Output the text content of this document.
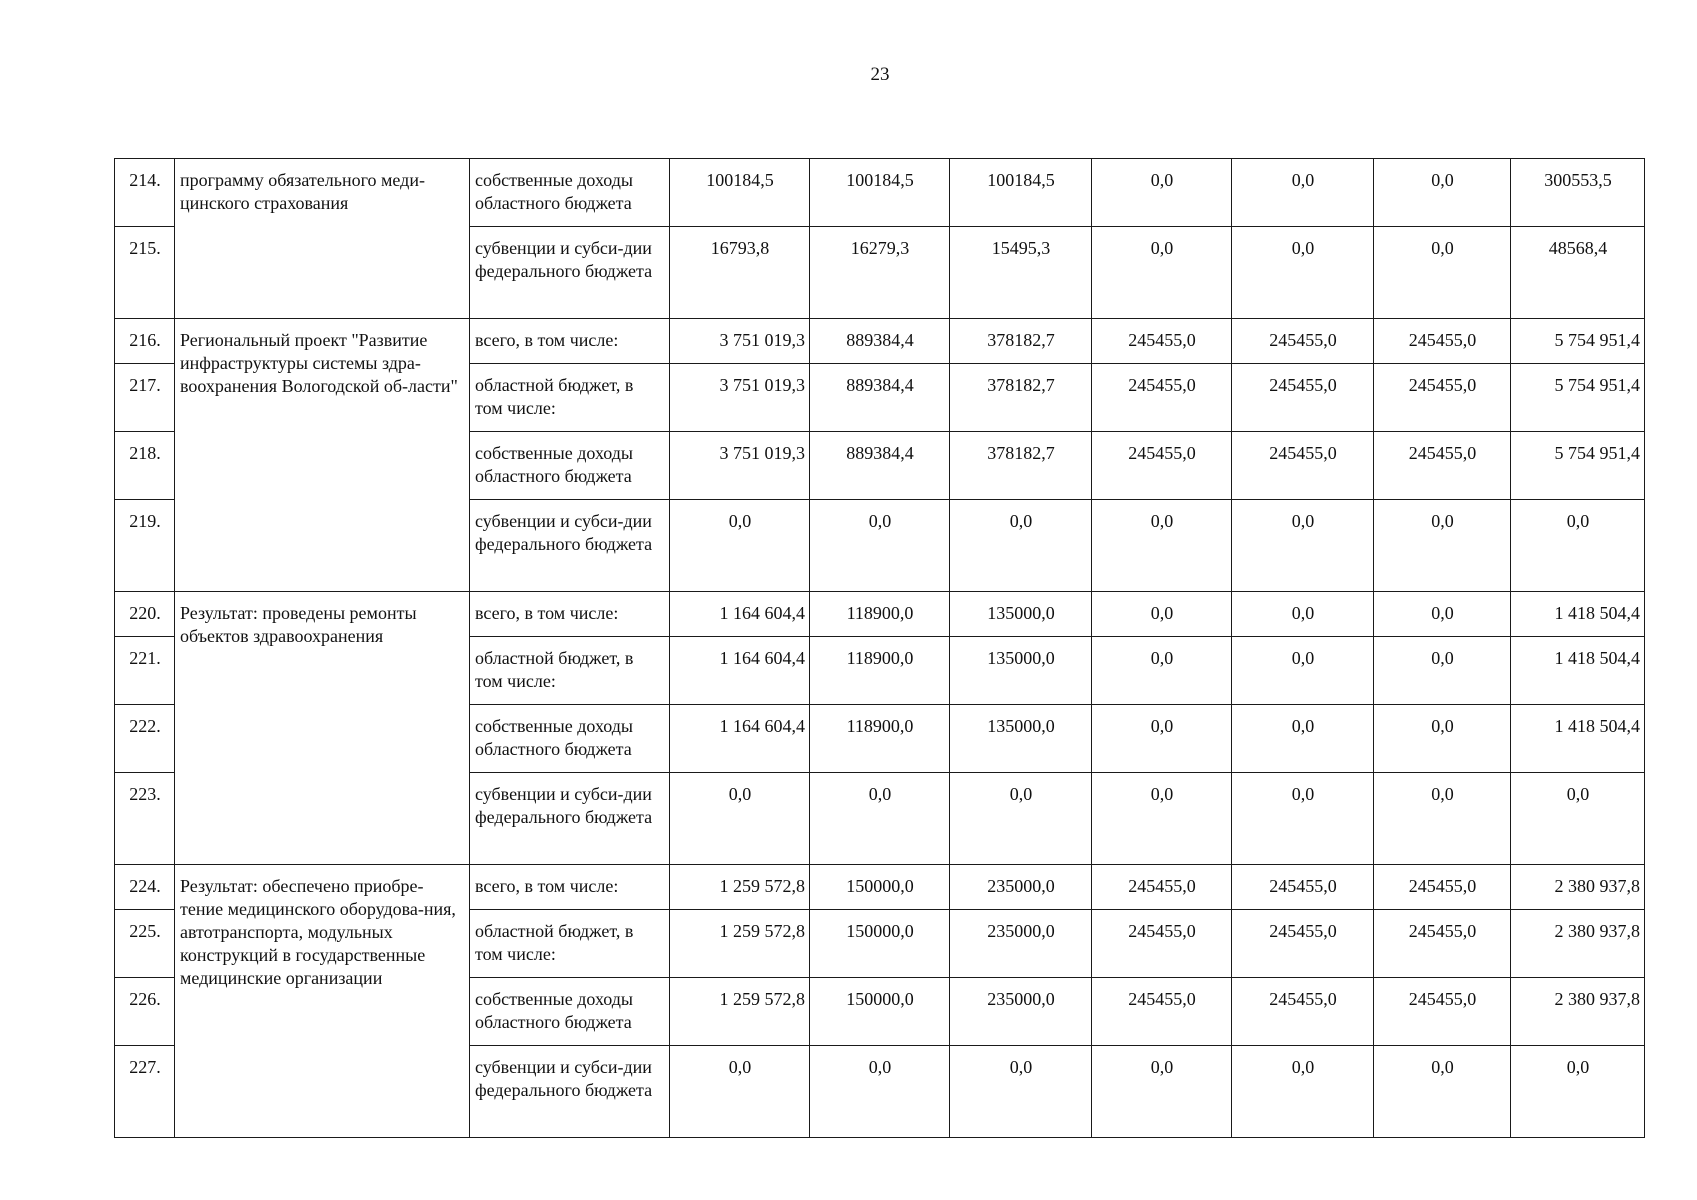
23
214.	программу обязательного меди-цинского страхования	собственные доходы областного бюджета	100184,5	100184,5	100184,5	0,0	0,0	0,0	300553,5
215.		субвенции и субси-дии федерального бюджета	16793,8	16279,3	15495,3	0,0	0,0	0,0	48568,4
216.	Региональный проект "Развитие инфраструктуры системы здра-воохранения Вологодской об-ласти"	всего, в том числе:	3 751 019,3	889384,4	378182,7	245455,0	245455,0	245455,0	5 754 951,4
217.		областной бюджет, в том числе:	3 751 019,3	889384,4	378182,7	245455,0	245455,0	245455,0	5 754 951,4
218.		собственные доходы областного бюджета	3 751 019,3	889384,4	378182,7	245455,0	245455,0	245455,0	5 754 951,4
219.		субвенции и субси-дии федерального бюджета	0,0	0,0	0,0	0,0	0,0	0,0	0,0
220.	Результат: проведены ремонты объектов здравоохранения	всего, в том числе:	1 164 604,4	118900,0	135000,0	0,0	0,0	0,0	1 418 504,4
221.		областной бюджет, в том числе:	1 164 604,4	118900,0	135000,0	0,0	0,0	0,0	1 418 504,4
222.		собственные доходы областного бюджета	1 164 604,4	118900,0	135000,0	0,0	0,0	0,0	1 418 504,4
223.		субвенции и субси-дии федерального бюджета	0,0	0,0	0,0	0,0	0,0	0,0	0,0
224.	Результат: обеспечено приобре-тение медицинского оборудова-ния, автотранспорта, модульных конструкций в государственные медицинские организации	всего, в том числе:	1 259 572,8	150000,0	235000,0	245455,0	245455,0	245455,0	2 380 937,8
225.		областной бюджет, в том числе:	1 259 572,8	150000,0	235000,0	245455,0	245455,0	245455,0	2 380 937,8
226.		собственные доходы областного бюджета	1 259 572,8	150000,0	235000,0	245455,0	245455,0	245455,0	2 380 937,8
227.		субвенции и субси-дии федерального бюджета	0,0	0,0	0,0	0,0	0,0	0,0	0,0
